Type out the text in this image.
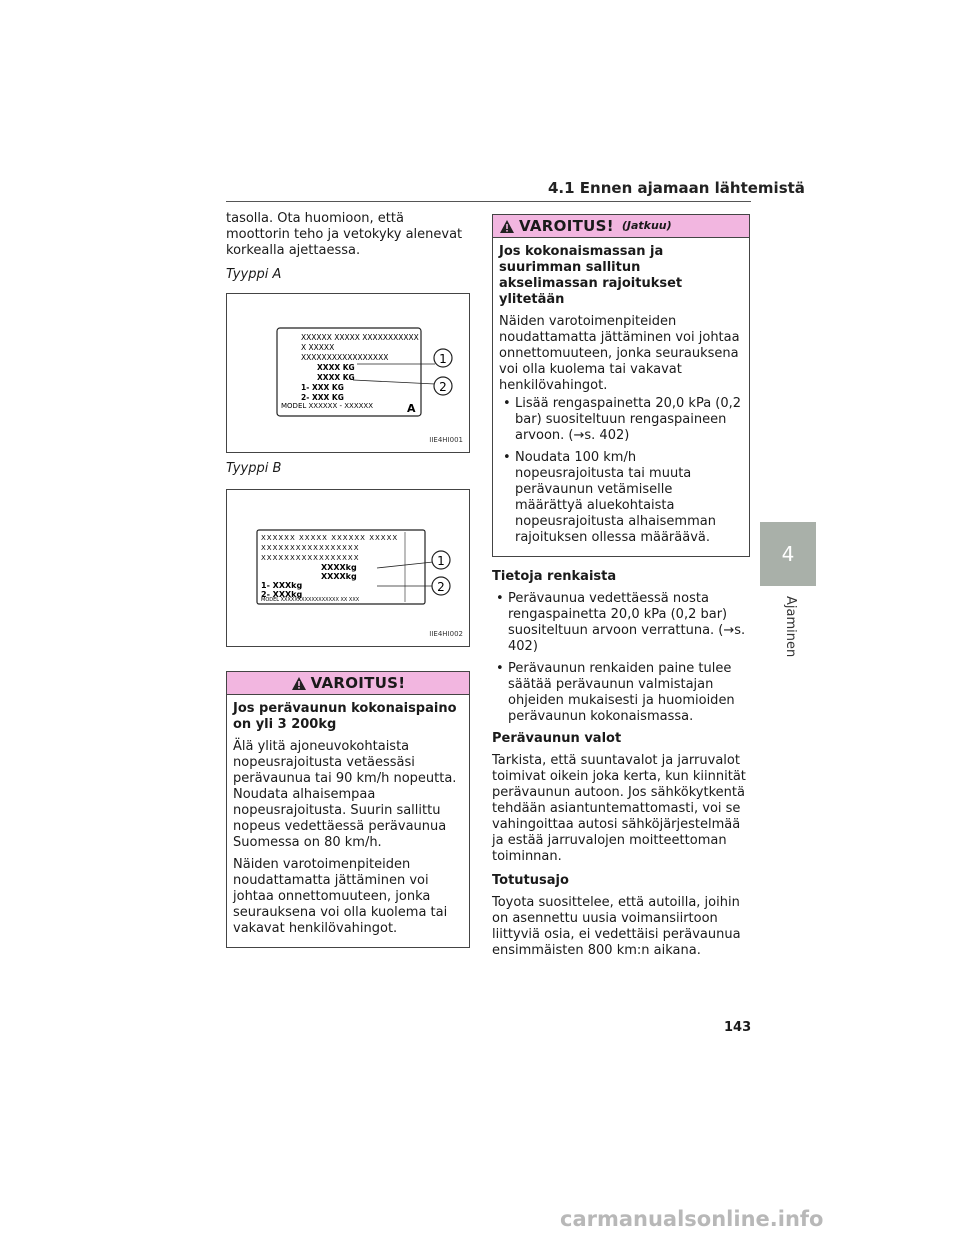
4.1 Ennen ajamaan lähtemistä

tasolla. Ota huomioon, että moottorin teho ja vetokyky alenevat korkealla ajettaessa.

Tyyppi A

XXXXXX XXXXX XXXXXXXXXXX
X XXXXX
XXXXXXXXXXXXXXXXX
XXXX KG
XXXX KG
1- XXX KG
2- XXX KG
MODEL XXXXXX - XXXXXX	A
1
2
IIE4HI001

Tyyppi B

XXXXXX XXXXX XXXXXX XXXXX
XXXXXXXXXXXXXXXXX
XXXXXXXXXXXXXXXXX
XXXXkg
XXXXkg
1- XXXkg
2- XXXkg
MODEL XXXXXXXXXXXXXXXXX XX XXX
1
2
IIE4HI002
VAROITUS!

Jos perävaunun kokonaispaino on yli 3 200kg

Älä ylitä ajoneuvokohtaista nopeusrajoitusta vetäessäsi perävaunua tai 90 km/h nopeutta. Noudata alhaisempaa nopeusrajoitusta. Suurin sallittu nopeus vedettäessä perävaunua Suomessa on 80 km/h.

Näiden varotoimenpiteiden noudattamatta jättäminen voi johtaa onnettomuuteen, jonka seurauksena voi olla kuolema tai vakavat henkilövahingot.

VAROITUS! (Jatkuu)

Jos kokonaismassan ja suurimman sallitun akselimassan rajoitukset ylitetään

Näiden varotoimenpiteiden noudattamatta jättäminen voi johtaa onnettomuuteen, jonka seurauksena voi olla kuolema tai vakavat henkilövahingot.

• Lisää rengaspainetta 20,0 kPa (0,2 bar) suositeltuun rengaspaineen arvoon. (→s. 402)
• Noudata 100 km/h nopeusrajoitusta tai muuta perävaunun vetämiselle määrättyä aluekohtaista nopeusrajoitusta alhaisemman rajoituksen ollessa määräävä.

Tietoja renkaista

• Perävaunua vedettäessä nosta rengaspainetta 20,0 kPa (0,2 bar) suositeltuun arvoon verrattuna. (→s. 402)
• Perävaunun renkaiden paine tulee säätää perävaunun valmistajan ohjeiden mukaisesti ja huomioiden perävaunun kokonaismassa.

Perävaunun valot

Tarkista, että suuntavalot ja jarruvalot toimivat oikein joka kerta, kun kiinnität perävaunun autoon. Jos sähkökytkentä tehdään asiantuntemattomasti, voi se vahingoittaa autosi sähköjärjestelmää ja estää jarruvalojen moitteettoman toiminnan.

Totutusajo

Toyota suosittelee, että autoilla, joihin on asennettu uusia voimansiirtoon liittyviä osia, ei vedettäisi perävaunua ensimmäisten 800 km:n aikana.

4
Ajaminen
143
carmanualsonline.info
